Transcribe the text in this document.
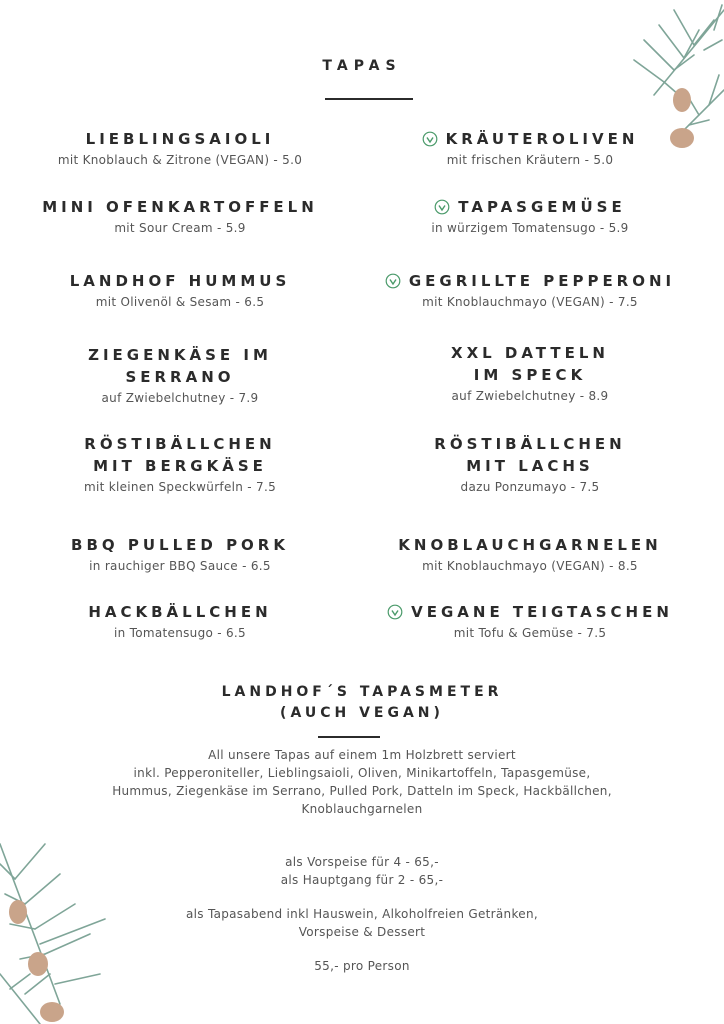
TAPAS
LIEBLINGSAIOLI
mit Knoblauch & Zitrone (VEGAN) - 5.0
KRÄUTEROLIVEN
mit frischen Kräutern - 5.0
MINI OFENKARTOFFELN
mit Sour Cream - 5.9
TAPASGEMÜSE
in würzigem Tomatensugo - 5.9
LANDHOF HUMMUS
mit Olivenöl & Sesam - 6.5
GEGRILLTE PEPPERONI
mit Knoblauchmayo (VEGAN) - 7.5
ZIEGENKÄSE IM
SERRANO
auf Zwiebelchutney - 7.9
XXL DATTELN
IM SPECK
auf Zwiebelchutney - 8.9
RÖSTIBÄLLCHEN
MIT BERGKÄSE
mit kleinen Speckwürfeln - 7.5
RÖSTIBÄLLCHEN
MIT LACHS
dazu Ponzumayo - 7.5
BBQ PULLED PORK
in rauchiger BBQ Sauce - 6.5
KNOBLAUCHGARNELEN
mit Knoblauchmayo (VEGAN) - 8.5
HACKBÄLLCHEN
in Tomatensugo - 6.5
VEGANE TEIGTASCHEN
mit Tofu & Gemüse - 7.5
LANDHOF´S TAPASMETER
(AUCH VEGAN)
All unsere Tapas auf einem 1m Holzbrett serviert
inkl. Pepperoniteller, Lieblingsaioli, Oliven, Minikartoffeln, Tapasgemüse,
Hummus, Ziegenkäse im Serrano, Pulled Pork, Datteln im Speck, Hackbällchen,
Knoblauchgarnelen
als Vorspeise für 4 - 65,-
als Hauptgang für 2 - 65,-
als Tapasabend inkl Hauswein, Alkoholfreien Getränken,
Vorspeise & Dessert
55,- pro Person
